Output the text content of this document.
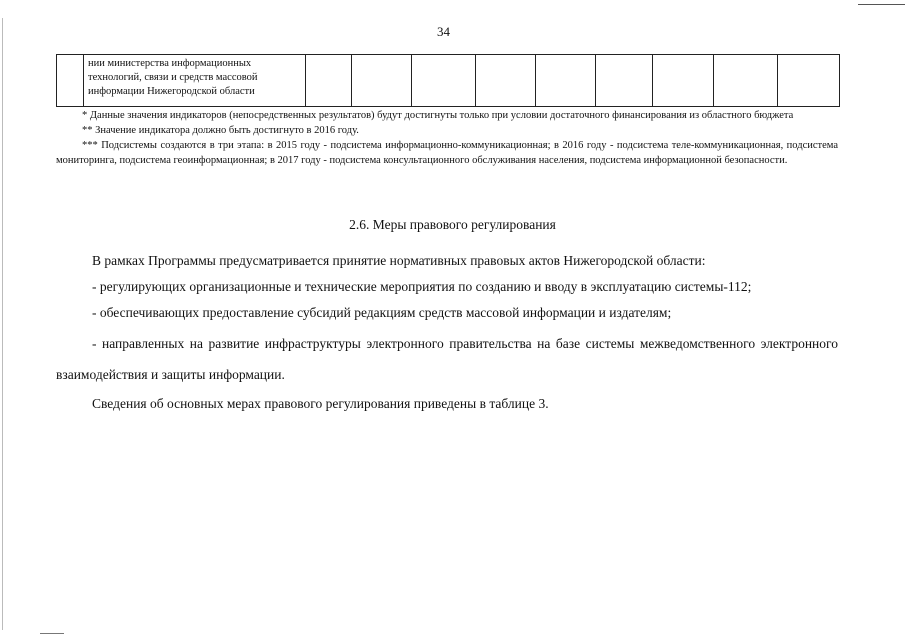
34

нии министерства информационных
технологий, связи и средств массовой
информации Нижегородской области

* Данные значения индикаторов (непосредственных результатов) будут достигнуты только при условии достаточного финансирования из областного бюджета

** Значение индикатора должно быть достигнуто в 2016 году.

*** Подсистемы создаются в три этапа: в 2015 году - подсистема информационно-коммуникационная; в 2016 году - подсистема теле-коммуникационная, подсистема мониторинга, подсистема геоинформационная; в 2017 году - подсистема консультационного обслуживания населения, подсистема информационной безопасности.

2.6. Меры правового регулирования

В рамках Программы предусматривается принятие нормативных правовых актов Нижегородской области:

- регулирующих организационные и технические мероприятия по созданию и вводу в эксплуатацию системы-112;

- обеспечивающих предоставление субсидий редакциям средств массовой информации и издателям;

- направленных на развитие инфраструктуры электронного правительства на базе системы межведомственного электронного взаимодействия и защиты информации.

Сведения об основных мерах правового регулирования приведены в таблице 3.
